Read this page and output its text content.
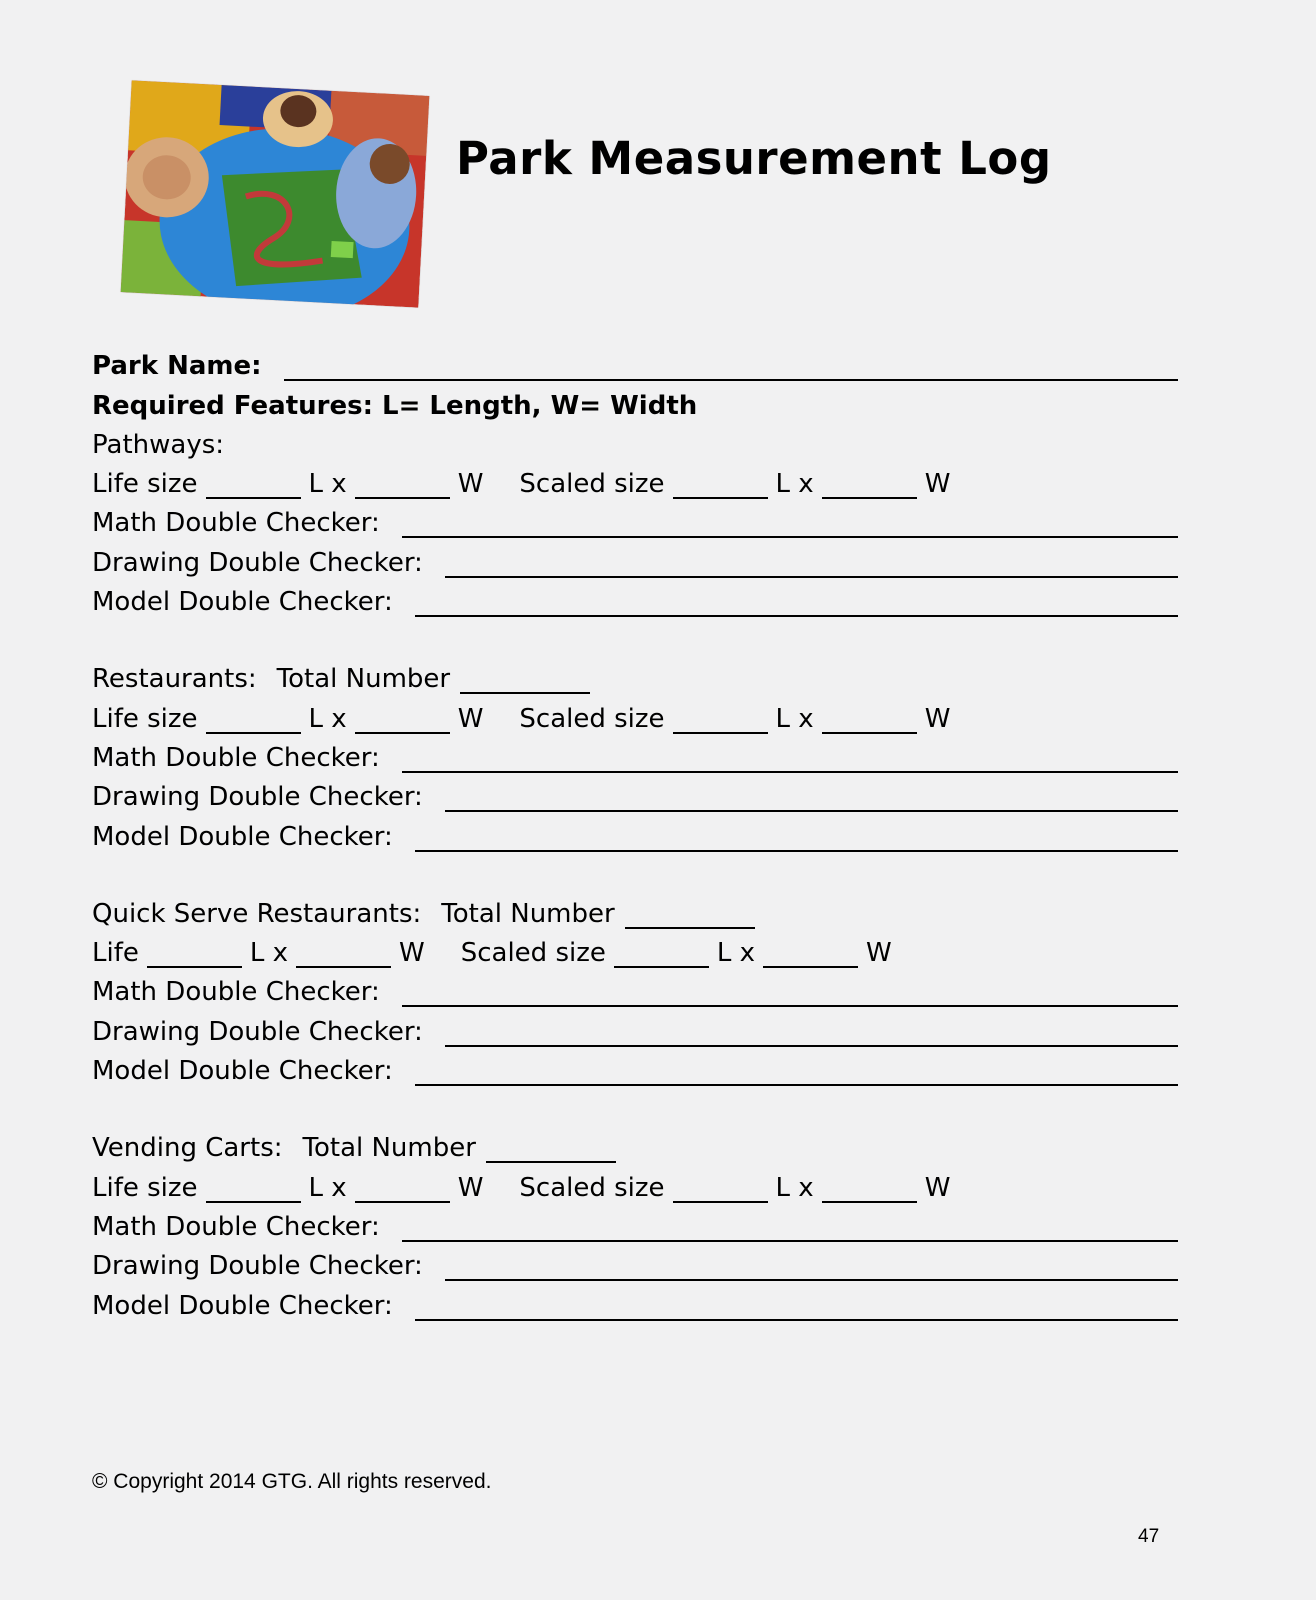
Park Measurement Log
Park Name:
Required Features: L= Length, W= Width
Pathways:
Life size	L x	W Scaled size	L x	W
Math Double Checker:
Drawing Double Checker:
Model Double Checker:
Restaurants: Total Number
Life size	L x	W Scaled size	L x	W
Math Double Checker:
Drawing Double Checker:
Model Double Checker:
Quick Serve Restaurants: Total Number
Life	L x	W Scaled size	L x	W
Math Double Checker:
Drawing Double Checker:
Model Double Checker:
Vending Carts: Total Number
Life size	L x	W Scaled size	L x	W
Math Double Checker:
Drawing Double Checker:
Model Double Checker:
© Copyright 2014 GTG. All rights reserved.
47
